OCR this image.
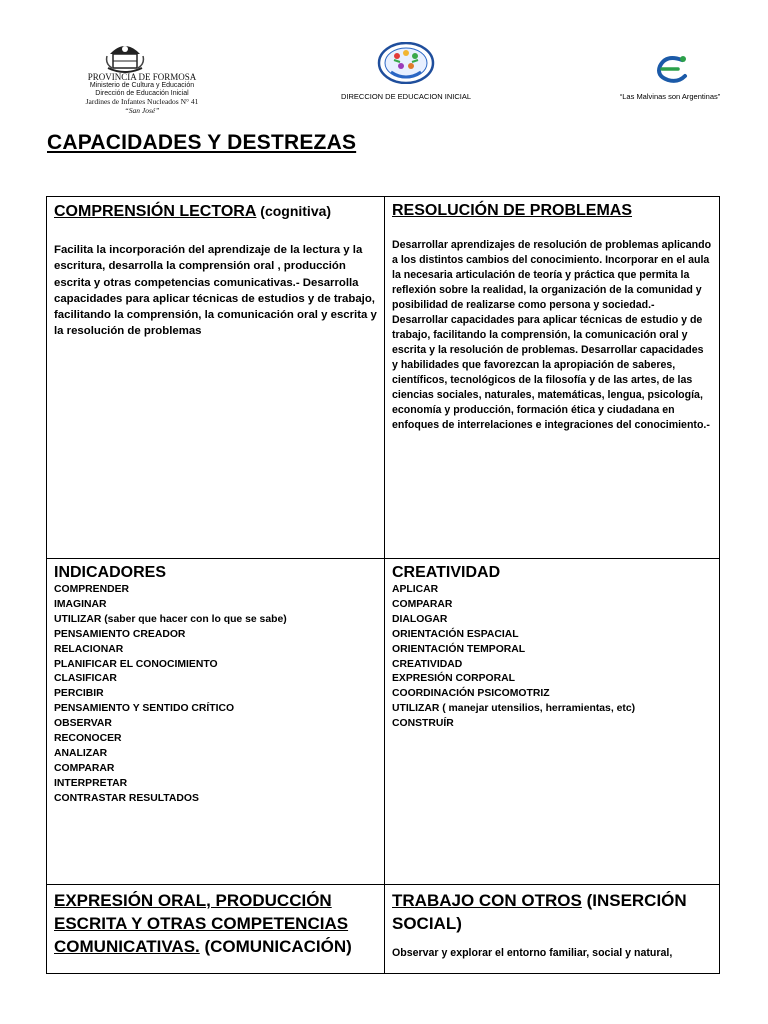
PROVINCIA DE FORMOSA
Ministerio de Cultura y Educación
Dirección de Educación Inicial
Jardines de Infantes Nucleados N° 41
“San José”
DIRECCION DE EDUCACION INICIAL	“Las Malvinas son Argentinas”
CAPACIDADES Y DESTREZAS
COMPRENSIÓN LECTORA (cognitiva)
Facilita la incorporación del aprendizaje de la lectura y la escritura, desarrolla la comprensión oral , producción escrita y otras competencias comunicativas.- Desarrolla capacidades para aplicar técnicas de estudios y de trabajo, facilitando la comprensión, la comunicación oral y escrita y la resolución de problemas
RESOLUCIÓN DE PROBLEMAS
Desarrollar aprendizajes de resolución de problemas aplicando a los distintos cambios del conocimiento. Incorporar en el aula la necesaria articulación de teoría y práctica que permita la reflexión sobre la realidad, la organización de la comunidad y posibilidad de realizarse como persona y sociedad.- Desarrollar capacidades para aplicar técnicas de estudio y de trabajo, facilitando la comprensión, la comunicación oral y escrita y la resolución de problemas. Desarrollar capacidades y habilidades que favorezcan la apropiación de saberes, científicos, tecnológicos de la filosofía y de las artes, de las ciencias sociales, naturales, matemáticas, lengua, psicología, economía y producción, formación ética y ciudadana en enfoques de interrelaciones e integraciones del conocimiento.-
INDICADORES
COMPRENDER
IMAGINAR
UTILIZAR (saber que hacer con lo que se sabe)
PENSAMIENTO CREADOR
RELACIONAR
PLANIFICAR EL CONOCIMIENTO
CLASIFICAR
PERCIBIR
PENSAMIENTO Y SENTIDO CRÍTICO
OBSERVAR
RECONOCER
ANALIZAR
COMPARAR
INTERPRETAR
CONTRASTAR RESULTADOS
CREATIVIDAD
APLICAR
COMPARAR
DIALOGAR
ORIENTACIÓN ESPACIAL
ORIENTACIÓN TEMPORAL
CREATIVIDAD
EXPRESIÓN CORPORAL
COORDINACIÓN PSICOMOTRIZ
UTILIZAR ( manejar utensilios, herramientas, etc)
CONSTRUÍR
EXPRESIÓN ORAL, PRODUCCIÓN ESCRITA Y OTRAS COMPETENCIAS COMUNICATIVAS. (COMUNICACIÓN)
TRABAJO CON OTROS (INSERCIÓN SOCIAL)
Observar y explorar el entorno familiar, social y natural,
